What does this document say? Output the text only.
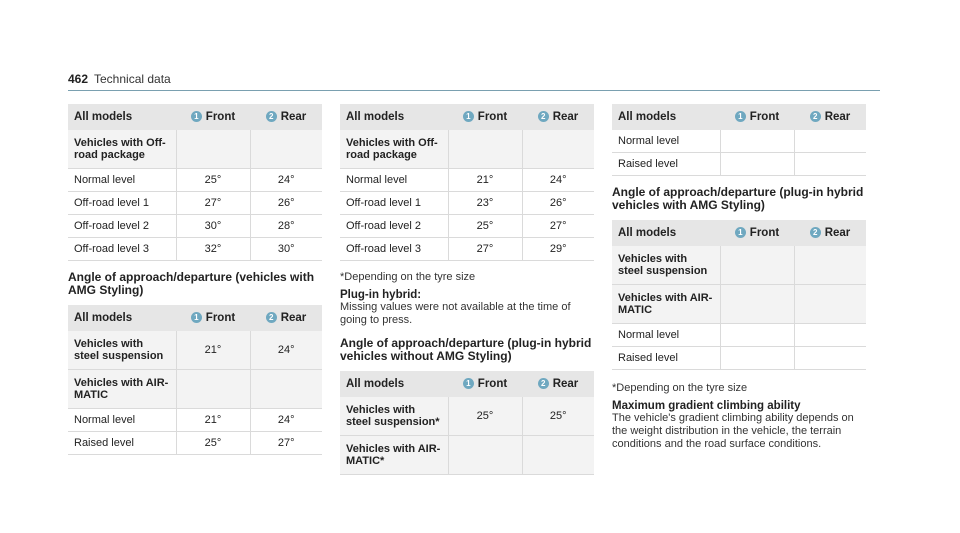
462 Technical data
All models	1 Front	2 Rear
Vehicles with Off-road package		
Normal level	25°	24°
Off-road level 1	27°	26°
Off-road level 2	30°	28°
Off-road level 3	32°	30°
Angle of approach/departure (vehicles with AMG Styling)
All models	1 Front	2 Rear
Vehicles with steel suspension	21°	24°
Vehicles with AIR-MATIC		
Normal level	21°	24°
Raised level	25°	27°
All models	1 Front	2 Rear
Vehicles with Off-road package		
Normal level	21°	24°
Off-road level 1	23°	26°
Off-road level 2	25°	27°
Off-road level 3	27°	29°
*Depending on the tyre size
Plug-in hybrid:
Missing values were not available at the time of going to press.
Angle of approach/departure (plug-in hybrid vehicles without AMG Styling)
All models	1 Front	2 Rear
Vehicles with steel suspension*	25°	25°
Vehicles with AIR-MATIC*		
All models	1 Front	2 Rear
Normal level		
Raised level		
Angle of approach/departure (plug-in hybrid vehicles with AMG Styling)
All models	1 Front	2 Rear
Vehicles with steel suspension		
Vehicles with AIR-MATIC		
Normal level		
Raised level		
*Depending on the tyre size
Maximum gradient climbing ability
The vehicle's gradient climbing ability depends on the weight distribution in the vehicle, the terrain conditions and the road surface conditions.
